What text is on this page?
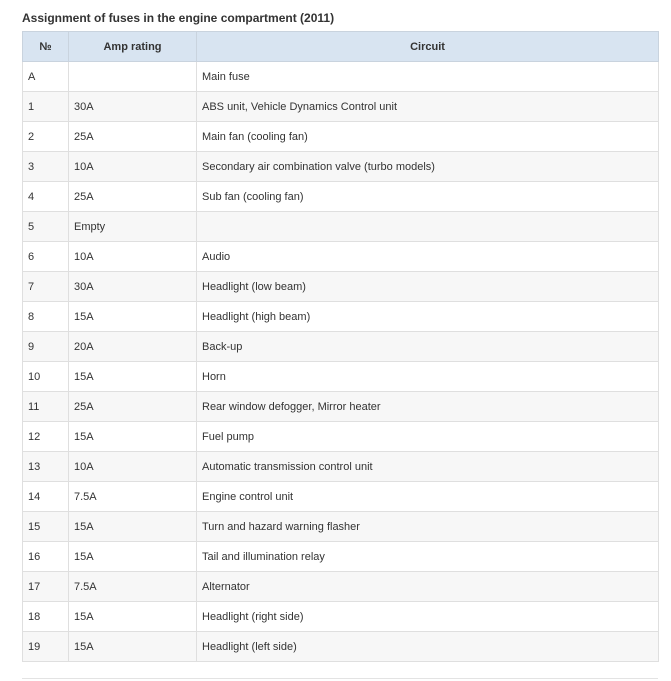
Assignment of fuses in the engine compartment (2011)
№	Amp rating	Circuit
A		Main fuse
1	30A	ABS unit, Vehicle Dynamics Control unit
2	25A	Main fan (cooling fan)
3	10A	Secondary air combination valve (turbo models)
4	25A	Sub fan (cooling fan)
5	Empty	
6	10A	Audio
7	30A	Headlight (low beam)
8	15A	Headlight (high beam)
9	20A	Back-up
10	15A	Horn
11	25A	Rear window defogger, Mirror heater
12	15A	Fuel pump
13	10A	Automatic transmission control unit
14	7.5A	Engine control unit
15	15A	Turn and hazard warning flasher
16	15A	Tail and illumination relay
17	7.5A	Alternator
18	15A	Headlight (right side)
19	15A	Headlight (left side)
